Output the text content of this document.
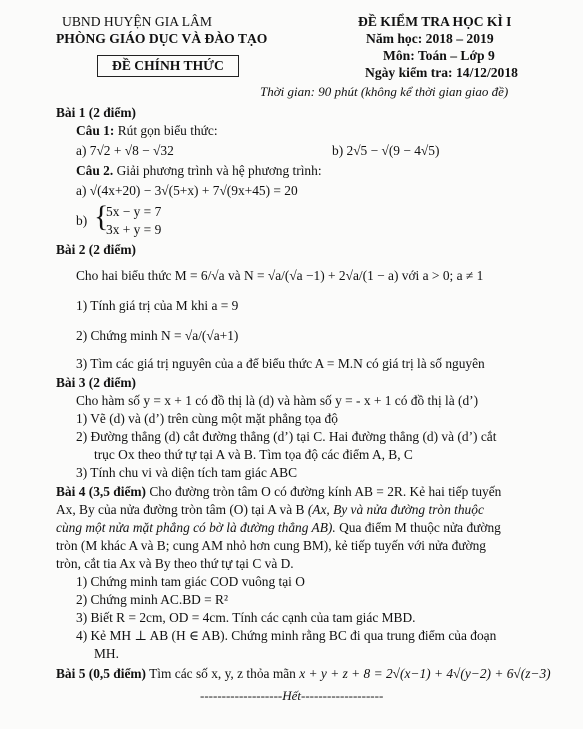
UBND HUYỆN GIA LÂM
PHÒNG GIÁO DỤC VÀ ĐÀO TẠO
ĐỀ CHÍNH THỨC
ĐỀ KIỂM TRA HỌC KÌ I
Năm học: 2018 – 2019
Môn: Toán – Lớp 9
Ngày kiểm tra: 14/12/2018
Thời gian: 90 phút (không kể thời gian giao đề)
Bài 1 (2 điểm)
Câu 1: Rút gọn biểu thức:
a) 7√2 + √8 − √32	b) 2√5 − √(9 − 4√5)
Câu 2. Giải phương trình và hệ phương trình:
a) √(4x+20) − 3√(5+x) + 7√(9x+45) = 20
b) {
5x − y = 7
3x + y = 9
Bài 2 (2 điểm)
Cho hai biểu thức M = 6/√a và N = √a/(√a −1) + 2√a/(1 − a) với a > 0; a ≠ 1
1) Tính giá trị của M khi a = 9
2) Chứng minh N = √a/(√a+1)
3) Tìm các giá trị nguyên của a để biểu thức A = M.N có giá trị là số nguyên
Bài 3 (2 điểm)
Cho hàm số y = x + 1 có đồ thị là (d) và hàm số y = - x + 1 có đồ thị là (d’)
1) Vẽ (d) và (d’) trên cùng một mặt phẳng tọa độ
2) Đường thẳng (d) cắt đường thẳng (d’) tại C. Hai đường thẳng (d) và (d’) cắt
trục Ox theo thứ tự tại A và B. Tìm tọa độ các điểm A, B, C
3) Tính chu vi và diện tích tam giác ABC
Bài 4 (3,5 điểm) Cho đường tròn tâm O có đường kính AB = 2R. Kẻ hai tiếp tuyến
Ax, By của nửa đường tròn tâm (O) tại A và B (Ax, By và nửa đường tròn thuộc
cùng một nửa mặt phẳng có bờ là đường thẳng AB). Qua điểm M thuộc nửa đường
tròn (M khác A và B; cung AM nhỏ hơn cung BM), kẻ tiếp tuyến với nửa đường
tròn, cắt tia Ax và By theo thứ tự tại C và D.
1) Chứng minh tam giác COD vuông tại O
2) Chứng minh AC.BD = R²
3) Biết R = 2cm, OD = 4cm. Tính các cạnh của tam giác MBD.
4) Kẻ MH ⊥ AB (H ∈ AB). Chứng minh rằng BC đi qua trung điểm của đoạn
MH.
Bài 5 (0,5 điểm) Tìm các số x, y, z thỏa mãn x + y + z + 8 = 2√(x−1) + 4√(y−2) + 6√(z−3)
-------------------Hết-------------------
